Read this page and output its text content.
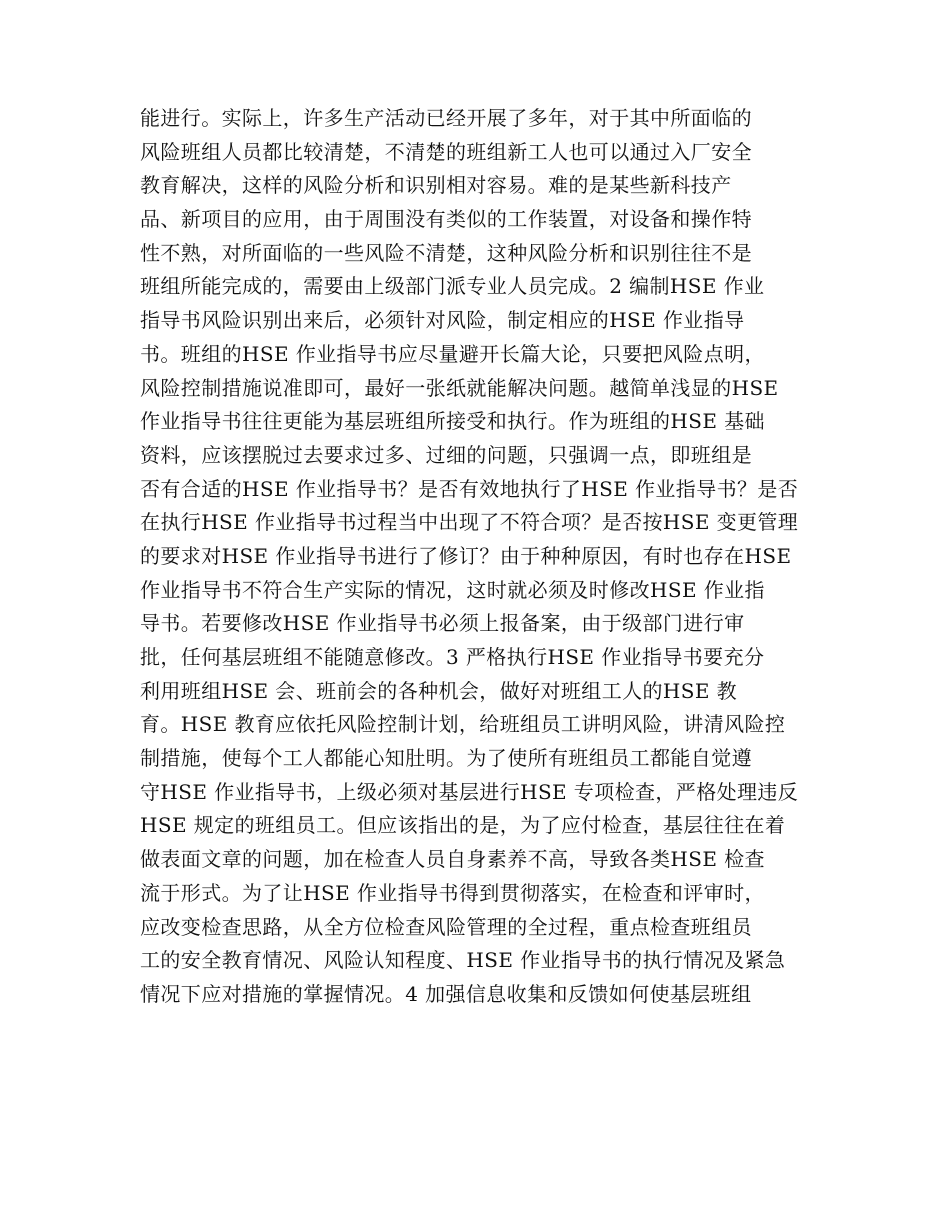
能进行。实际上，许多生产活动已经开展了多年，对于其中所面临的
风险班组人员都比较清楚，不清楚的班组新工人也可以通过入厂安全
教育解决，这样的风险分析和识别相对容易。难的是某些新科技产
品、新项目的应用，由于周围没有类似的工作装置，对设备和操作特
性不熟，对所面临的一些风险不清楚，这种风险分析和识别往往不是
班组所能完成的，需要由上级部门派专业人员完成。2 编制HSE 作业
指导书风险识别出来后，必须针对风险，制定相应的HSE 作业指导
书。班组的HSE 作业指导书应尽量避开长篇大论，只要把风险点明，
风险控制措施说准即可，最好一张纸就能解决问题。越简单浅显的HSE
作业指导书往往更能为基层班组所接受和执行。作为班组的HSE 基础
资料，应该摆脱过去要求过多、过细的问题，只强调一点，即班组是
否有合适的HSE 作业指导书？是否有效地执行了HSE 作业指导书？是否
在执行HSE 作业指导书过程当中出现了不符合项？是否按HSE 变更管理
的要求对HSE 作业指导书进行了修订？由于种种原因，有时也存在HSE
作业指导书不符合生产实际的情况，这时就必须及时修改HSE 作业指
导书。若要修改HSE 作业指导书必须上报备案，由于级部门进行审
批，任何基层班组不能随意修改。3 严格执行HSE 作业指导书要充分
利用班组HSE 会、班前会的各种机会，做好对班组工人的HSE 教
育。HSE 教育应依托风险控制计划，给班组员工讲明风险，讲清风险控
制措施，使每个工人都能心知肚明。为了使所有班组员工都能自觉遵
守HSE 作业指导书，上级必须对基层进行HSE 专项检查，严格处理违反
HSE 规定的班组员工。但应该指出的是，为了应付检查，基层往往在着
做表面文章的问题，加在检查人员自身素养不高，导致各类HSE 检查
流于形式。为了让HSE 作业指导书得到贯彻落实，在检查和评审时，
应改变检查思路，从全方位检查风险管理的全过程，重点检查班组员
工的安全教育情况、风险认知程度、HSE 作业指导书的执行情况及紧急
情况下应对措施的掌握情况。4 加强信息收集和反馈如何使基层班组
